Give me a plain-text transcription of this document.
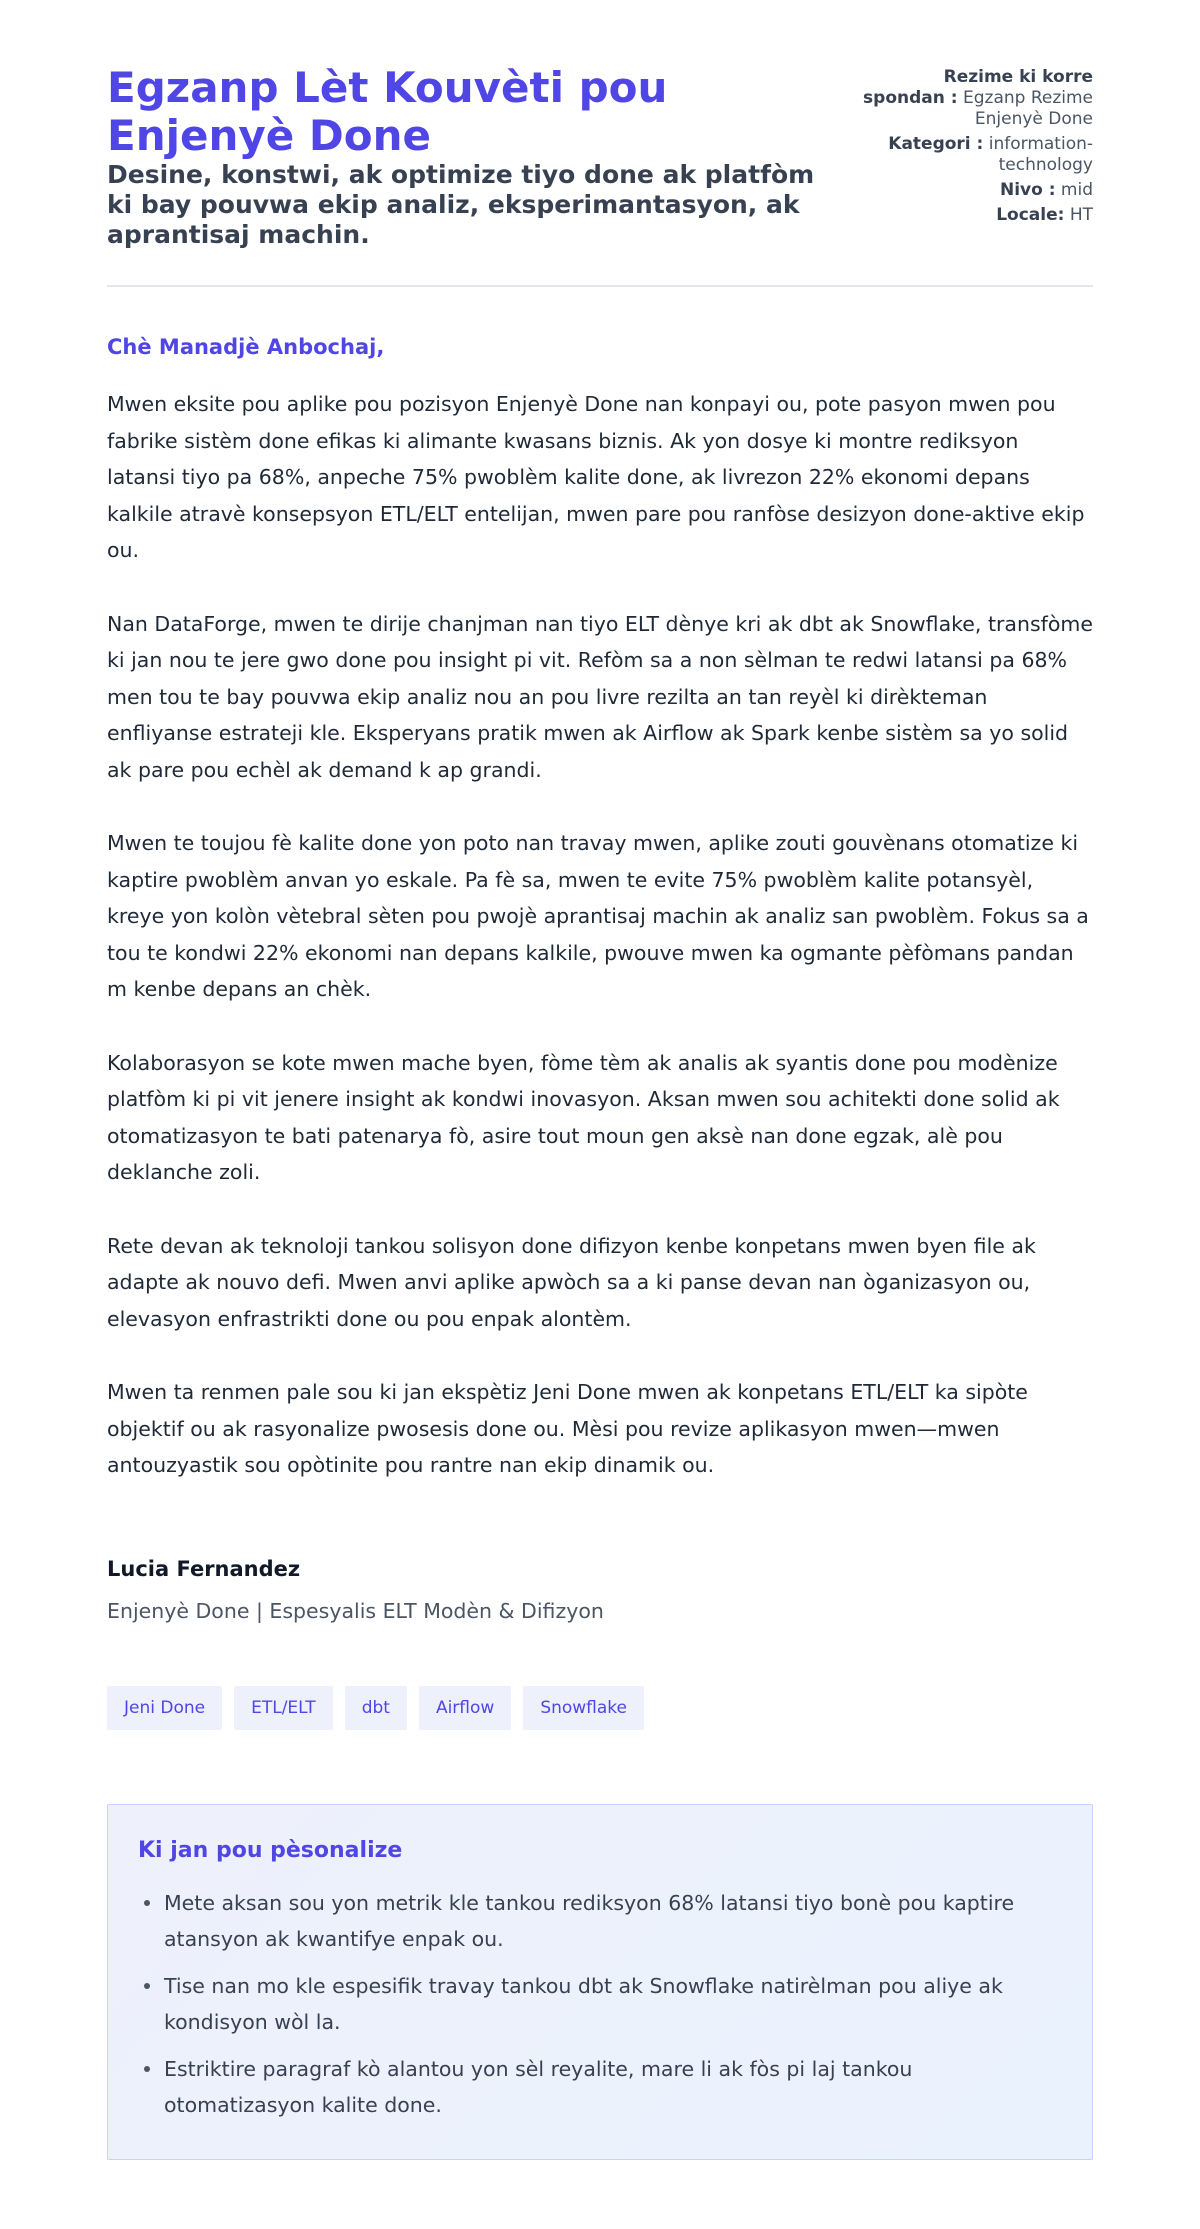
Egzanp Lèt Kouvèti pou Enjenyè Done
Desine, konstwi, ak optimize tiyo done ak platfòm ki bay pouvwa ekip analiz, eksperimantasyon, ak aprantisaj machin.
Rezime ki korre spondan : Egzanp Rezime Enjenyè Done
Kategori : information-technology
Nivo : mid
Locale: HT

Chè Manadjè Anbochaj,

Mwen eksite pou aplike pou pozisyon Enjenyè Done nan konpayi ou, pote pasyon mwen pou fabrike sistèm done efikas ki alimante kwasans biznis. Ak yon dosye ki montre rediksyon latansi tiyo pa 68%, anpeche 75% pwoblèm kalite done, ak livrezon 22% ekonomi depans kalkile atravè konsepsyon ETL/ELT entelijan, mwen pare pou ranfòse desizyon done-aktive ekip ou.

Nan DataForge, mwen te dirije chanjman nan tiyo ELT dènye kri ak dbt ak Snowflake, transfòme ki jan nou te jere gwo done pou insight pi vit. Refòm sa a non sèlman te redwi latansi pa 68% men tou te bay pouvwa ekip analiz nou an pou livre rezilta an tan reyèl ki dirèkteman enfliyanse estrateji kle. Eksperyans pratik mwen ak Airflow ak Spark kenbe sistèm sa yo solid ak pare pou echèl ak demand k ap grandi.

Mwen te toujou fè kalite done yon poto nan travay mwen, aplike zouti gouvènans otomatize ki kaptire pwoblèm anvan yo eskale. Pa fè sa, mwen te evite 75% pwoblèm kalite potansyèl, kreye yon kolòn vètebral sèten pou pwojè aprantisaj machin ak analiz san pwoblèm. Fokus sa a tou te kondwi 22% ekonomi nan depans kalkile, pwouve mwen ka ogmante pèfòmans pandan m kenbe depans an chèk.

Kolaborasyon se kote mwen mache byen, fòme tèm ak analis ak syantis done pou modènize platfòm ki pi vit jenere insight ak kondwi inovasyon. Aksan mwen sou achitekti done solid ak otomatizasyon te bati patenarya fò, asire tout moun gen aksè nan done egzak, alè pou deklanche zoli.

Rete devan ak teknoloji tankou solisyon done difizyon kenbe konpetans mwen byen file ak adapte ak nouvo defi. Mwen anvi aplike apwòch sa a ki panse devan nan òganizasyon ou, elevasyon enfrastrikti done ou pou enpak alontèm.

Mwen ta renmen pale sou ki jan ekspètiz Jeni Done mwen ak konpetans ETL/ELT ka sipòte objektif ou ak rasyonalize pwosesis done ou. Mèsi pou revize aplikasyon mwen—mwen antouzyastik sou opòtinite pou rantre nan ekip dinamik ou.

Lucia Fernandez

Enjenyè Done | Espesyalis ELT Modèn & Difizyon

Jeni Done	ETL/ELT	dbt	Airflow	Snowflake
Ki jan pou pèsonalize
Mete aksan sou yon metrik kle tankou rediksyon 68% latansi tiyo bonè pou kaptire atansyon ak kwantifye enpak ou.
Tise nan mo kle espesifik travay tankou dbt ak Snowflake natirèlman pou aliye ak kondisyon wòl la.
Estriktire paragraf kò alantou yon sèl reyalite, mare li ak fòs pi laj tankou otomatizasyon kalite done.
